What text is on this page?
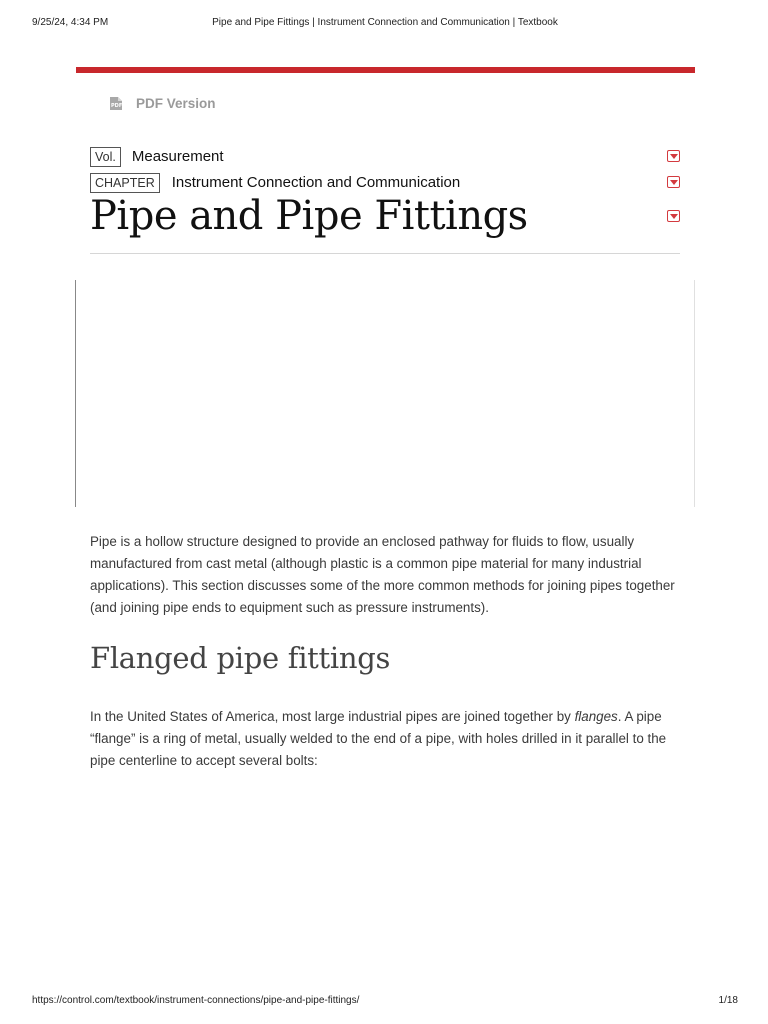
9/25/24, 4:34 PM	Pipe and Pipe Fittings | Instrument Connection and Communication | Textbook
PDF PDF Version
Vol.	Measurement
CHAPTER	Instrument Connection and Communication
Pipe and Pipe Fittings

Pipe is a hollow structure designed to provide an enclosed pathway for fluids to flow, usually manufactured from cast metal (although plastic is a common pipe material for many industrial applications). This section discusses some of the more common methods for joining pipes together (and joining pipe ends to equipment such as pressure instruments).

Flanged pipe fittings

In the United States of America, most large industrial pipes are joined together by flanges. A pipe “flange” is a ring of metal, usually welded to the end of a pipe, with holes drilled in it parallel to the pipe centerline to accept several bolts:

https://control.com/textbook/instrument-connections/pipe-and-pipe-fittings/	1/18
